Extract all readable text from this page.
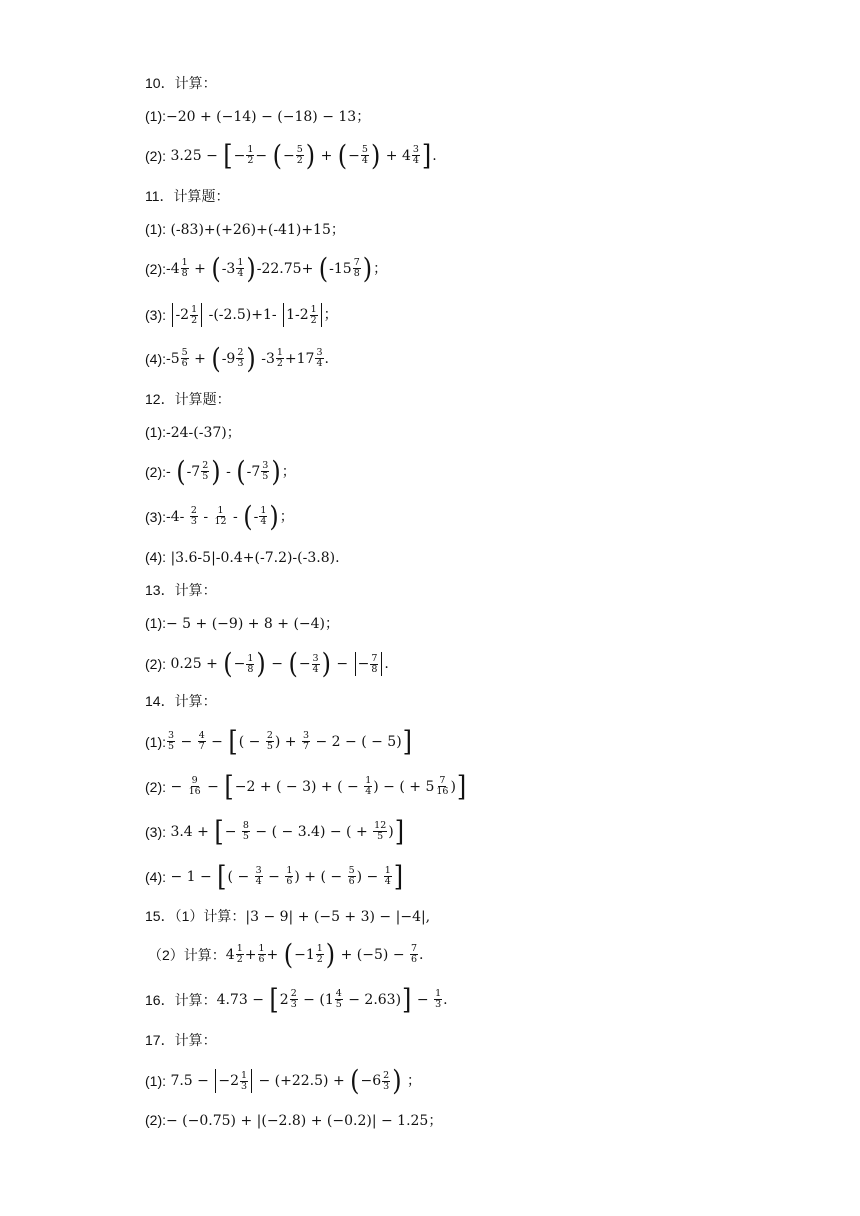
10．计算：
(1):−20 + (−14) − (−18) − 13；
(2): 3.25 − [ − $\frac{1}{2}$ − ( − $\frac{5}{2}$ ) + ( − $\frac{5}{4}$ ) + $4 \frac{3}{4}$ ] .
11．计算题：
(1): (-83)+(+26)+(-41)+15；
(2): $-4 \frac{1}{8}$ + ( $-3 \frac{1}{4}$ ) -22.75+ ( $-15 \frac{7}{8}$ ) ；
(3):
$-2 \frac{1}{2} -(-2.5)+1-$
$1-2 \frac{1}{2}$ ；
(4): $-5 \frac{5}{6}$ + ( $-9 \frac{2}{3}$ ) $-3 \frac{1}{2} +17 \frac{3}{4}$ .
12．计算题：
(1):-24-(-37)；
(2): - ( $-7 \frac{2}{5}$ ) - ( $-7 \frac{3}{5}$ ) ；
(3): $-4- \frac{2}{3} - \frac{1}{12}$ - ( - $\frac{1}{4}$ ) ；
(4): |3.6-5|-0.4+(-7.2)-(-3.8).
13．计算：
(1):− 5 + (−9) + 8 + (−4)；
(2): 0.25 + ( − $\frac{1}{8}$ ) − ( − $\frac{3}{4}$ ) −
− $\frac{7}{8}$ .
14．计算：
(1): $\frac{3}{5} - \frac{4}{7}$ − [ ( − $\frac{2}{5}$ ) + $\frac{3}{7} - 2$ − ( − 5) ]
(2): − $\frac{9}{16}$ − [ −2 + ( − 3) + ( − $\frac{1}{4}$ ) − ( + $5 \frac{7}{16}$ ) ]
(3): 3.4 + [ − $\frac{8}{5}$ − ( − 3.4) − ( + $\frac{12}{5}$ ) ]
(4): − 1 − [ ( − $\frac{3}{4} - \frac{1}{6}$ ) + ( − $\frac{5}{6}$ ) − $\frac{1}{4}$ ]
15．（1）计算：|3 − 9| + (−5 + 3) − |−4|,
（2）计算： $4 \frac{1}{2} + \frac{1}{6}$ + ( $-1 \frac{1}{2}$ ) + $(-5) - \frac{7}{6}$ .
16． 计算： 4.73 − [ $2 \frac{2}{3} - (1 \frac{4}{5} - 2.63)$ ] − $\frac{1}{3}$ .
17．计算：
(1): 7.5 −
$-2 \frac{1}{3} - (+22.5)$ + ( $-6 \frac{2}{3}$ ) ；
(2):− (−0.75) + |(−2.8) + (−0.2)| − 1.25；
